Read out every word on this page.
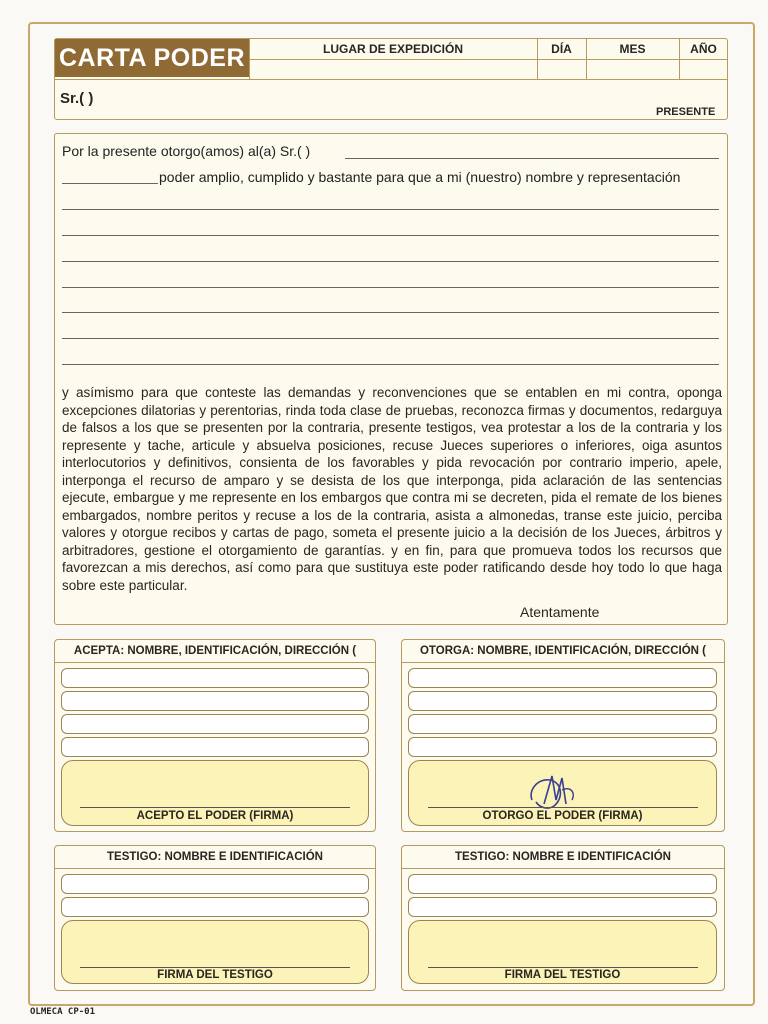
CARTA PODER	LUGAR DE EXPEDICIÓN	DÍA	MES	AÑO
Sr.( )
PRESENTE
Por la presente otorgo(amos) al(a) Sr.( )
poder amplio, cumplido y bastante para que a mi (nuestro) nombre y representación
y asímismo para que conteste las demandas y reconvenciones que se entablen en mi contra, oponga excepciones dilatorias y perentorias, rinda toda clase de pruebas, reconozca firmas y documentos, redarguya de falsos a los que se presenten por la contraria, presente testigos, vea protestar a los de la contraria y los represente y tache, articule y absuelva posiciones, recuse Jueces superiores o inferiores, oiga asuntos interlocutorios y definitivos, consienta de los favorables y pida revocación por contrario imperio, apele, interponga el recurso de amparo y se desista de los que interponga, pida aclaración de las sentencias ejecute, embargue y me represente en los embargos que contra mi se decreten, pida el remate de los bienes embargados, nombre peritos y recuse a los de la contraria, asista a almonedas, transe este juicio, perciba valores y otorgue recibos y cartas de pago, someta el presente juicio a la decisión de los Jueces, árbitros y arbitradores, gestione el otorgamiento de garantías. y en fin, para que promueva todos los recursos que favorezcan a mis derechos, así como para que sustituya este poder ratificando desde hoy todo lo que haga sobre este particular.
Atentamente
ACEPTA: NOMBRE, IDENTIFICACIÓN, DIRECCIÓN (
ACEPTO EL PODER (FIRMA)
OTORGA: NOMBRE, IDENTIFICACIÓN, DIRECCIÓN (
OTORGO EL PODER (FIRMA)
TESTIGO: NOMBRE E IDENTIFICACIÓN
FIRMA DEL TESTIGO
TESTIGO: NOMBRE E IDENTIFICACIÓN
FIRMA DEL TESTIGO
OLMECA CP-01
